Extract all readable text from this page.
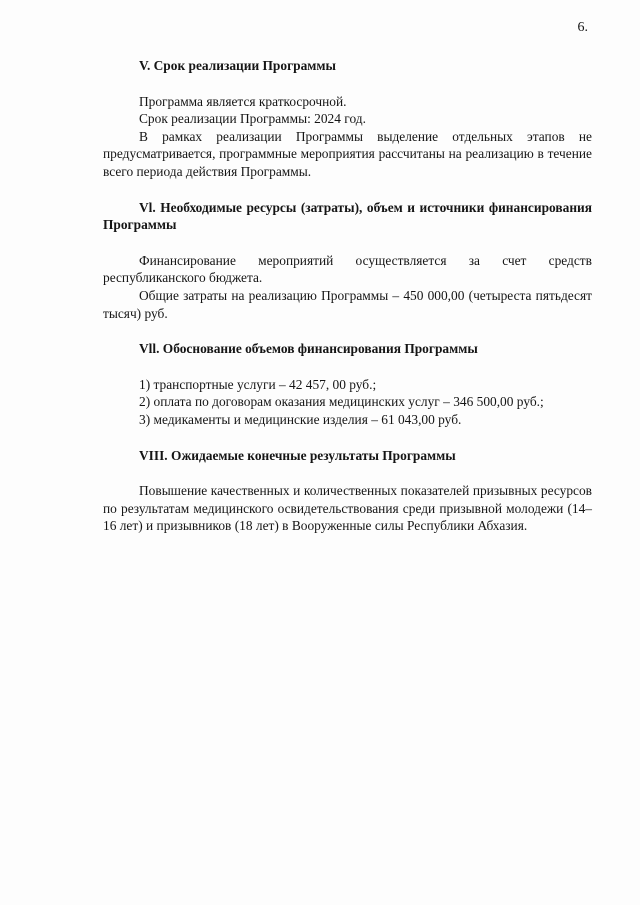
6.
V. Срок реализации Программы

Программа является краткосрочной.

Срок реализации Программы: 2024 год.

В рамках реализации Программы выделение отдельных этапов не предусматривается, программные мероприятия рассчитаны на реализацию в течение всего периода действия Программы.

Vl. Необходимые ресурсы (затраты), объем и источники финансирования Программы

Финансирование мероприятий осуществляется за счет средств республиканского бюджета.

Общие затраты на реализацию Программы – 450 000,00 (четыреста пятьдесят тысяч) руб.

Vll. Обоснование объемов финансирования Программы

1) транспортные услуги – 42 457, 00 руб.;

2) оплата по договорам оказания медицинских услуг – 346 500,00 руб.;

3) медикаменты и медицинские изделия – 61 043,00 руб.

VIII. Ожидаемые конечные результаты Программы

Повышение качественных и количественных показателей призывных ресурсов по результатам медицинского освидетельствования среди призывной молодежи (14–16 лет) и призывников (18 лет) в Вооруженные силы Республики Абхазия.
